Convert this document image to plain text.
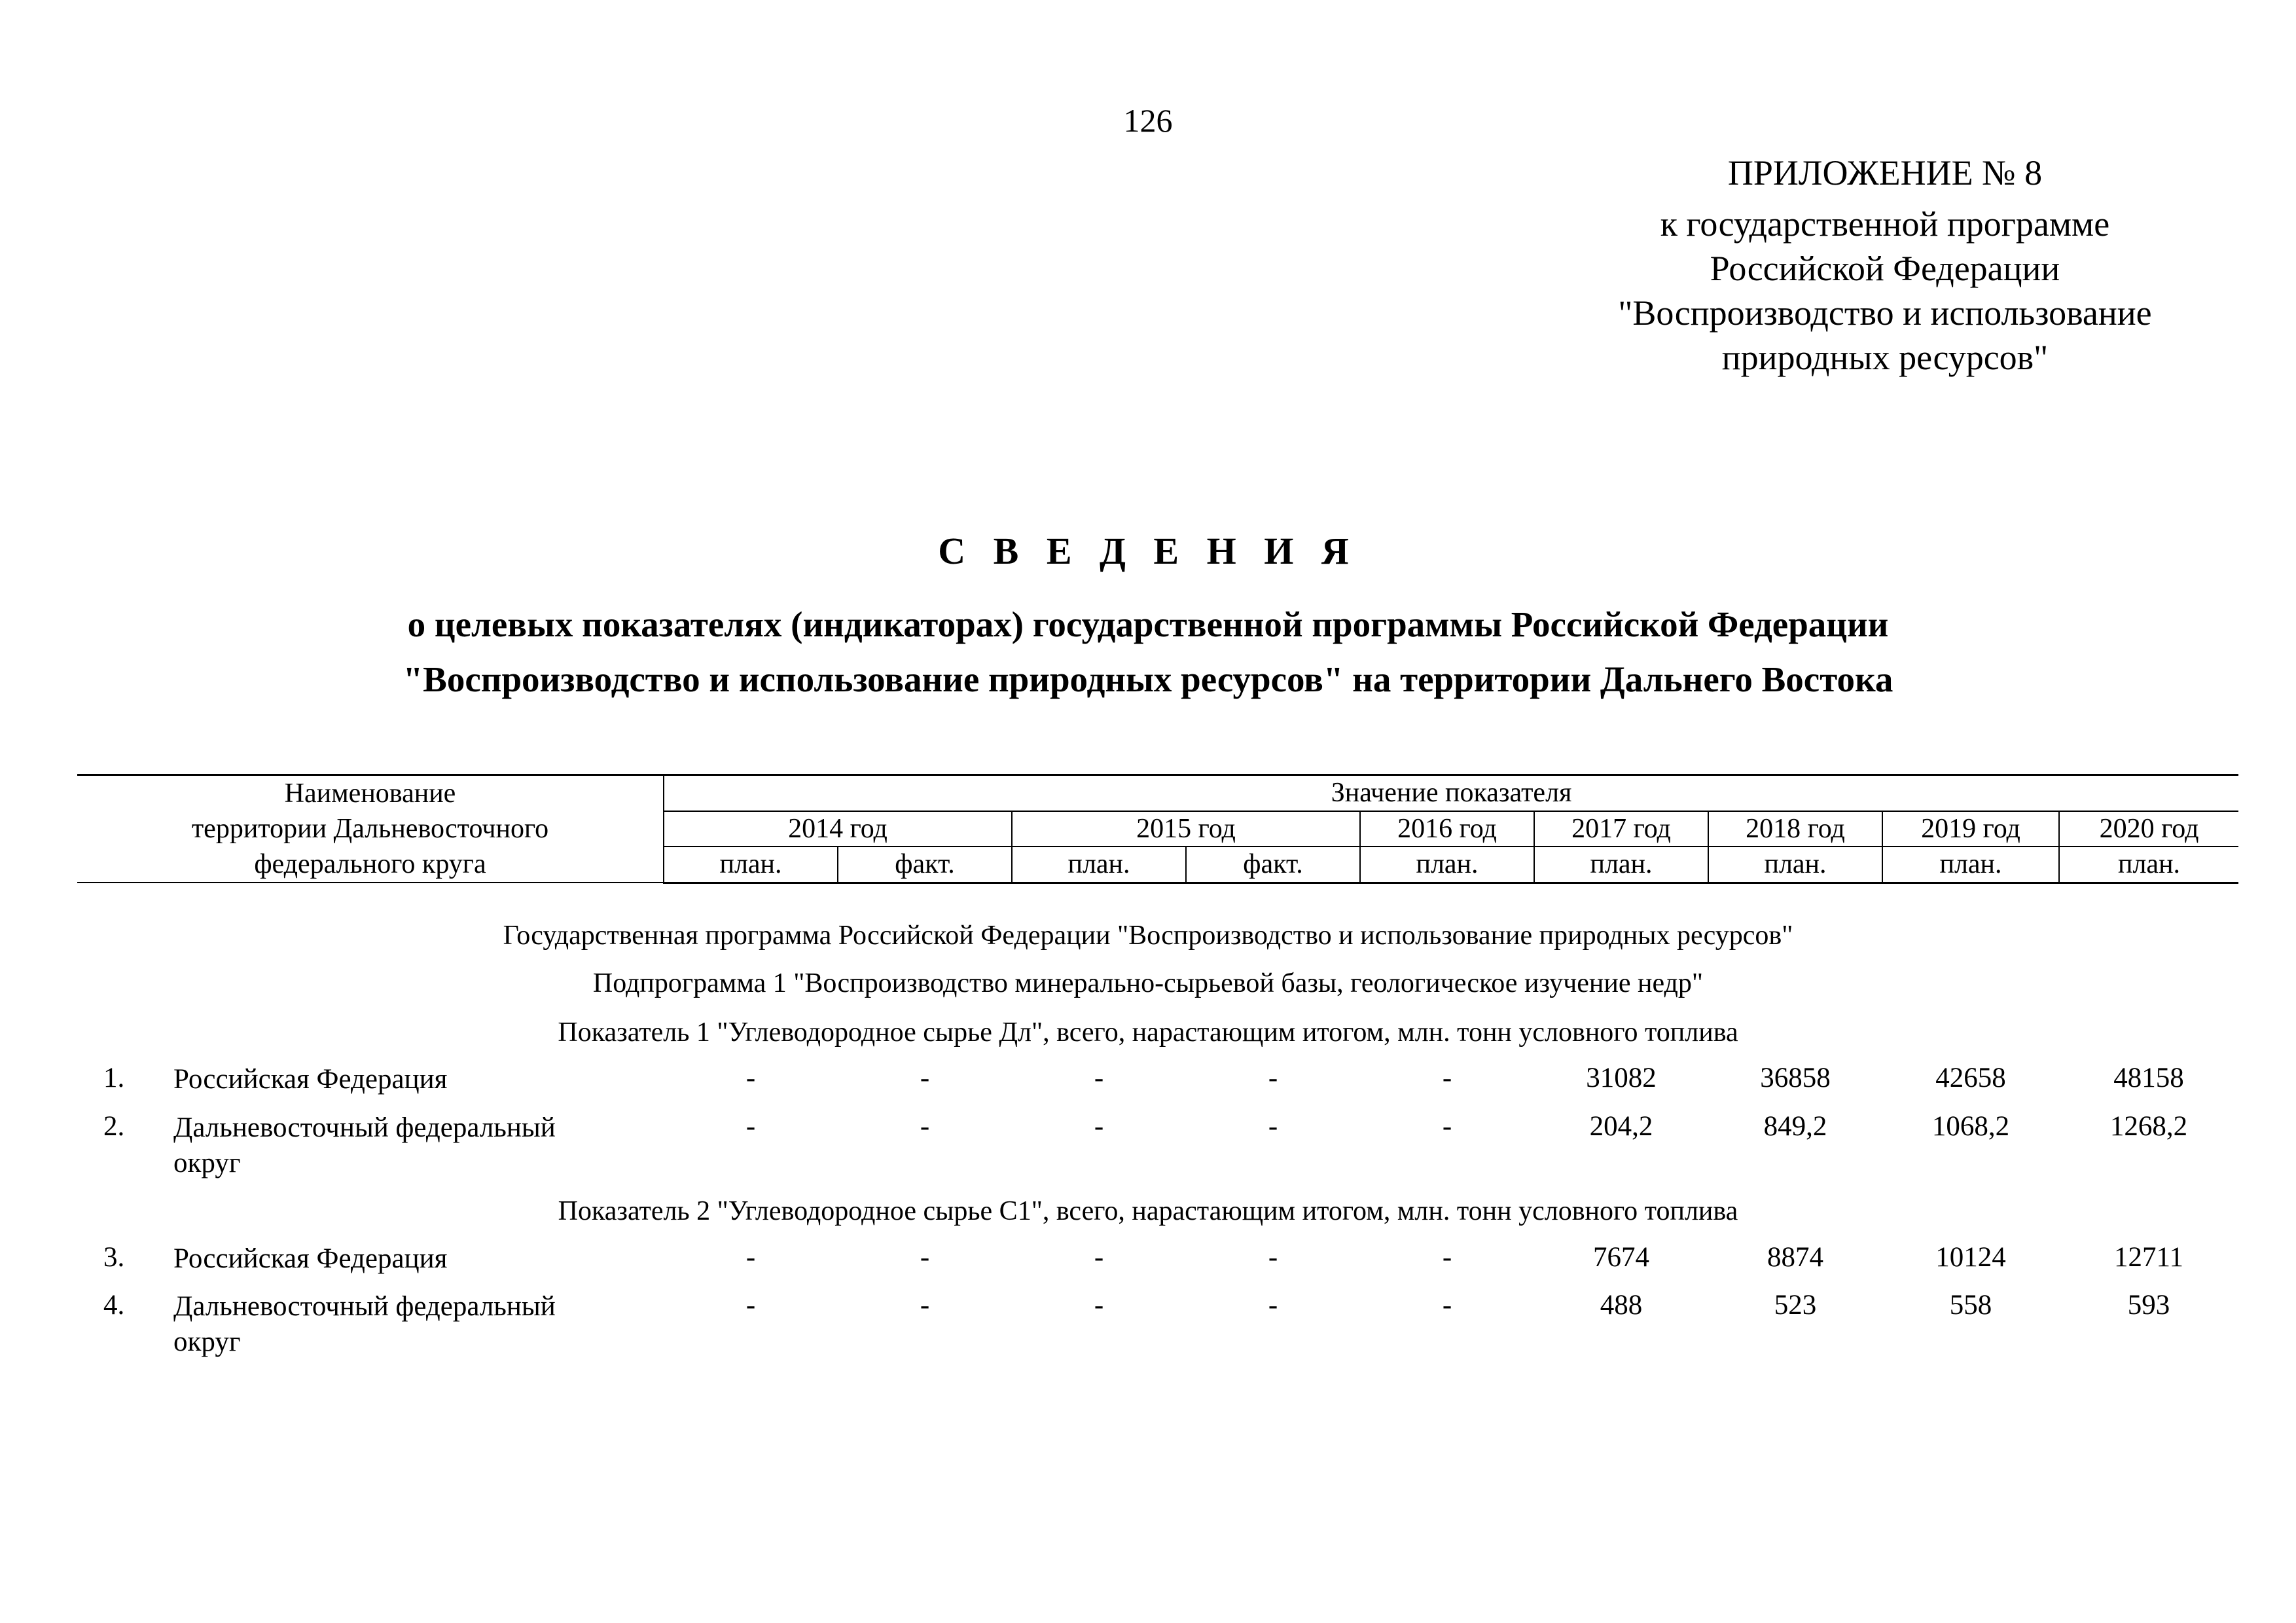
126
ПРИЛОЖЕНИЕ № 8
к государственной программе
Российской Федерации
"Воспроизводство и использование
природных ресурсов"
С В Е Д Е Н И Я
о целевых показателях (индикаторах) государственной программы Российской Федерации
"Воспроизводство и использование природных ресурсов" на территории Дальнего Востока
Наименование
территории Дальневосточного
федерального круга	Значение показателя								
	2014 год		2015 год		2016 год	2017 год	2018 год	2019 год	2020 год
	план.	факт.	план.	факт.	план.	план.	план.	план.	план.
Государственная программа Российской Федерации "Воспроизводство и использование природных ресурсов"
Подпрограмма 1 "Воспроизводство минерально-сырьевой базы, геологическое изучение недр"
Показатель 1 "Углеводородное сырье Дл", всего, нарастающим итогом, млн. тонн условного топлива
1. Российская Федерация	-	-	-	-	-	31082	36858	42658	48158
2. Дальневосточный федеральный
округ
-	-	-	-	-	204,2	849,2	1068,2	1268,2
Показатель 2 "Углеводородное сырье С1", всего, нарастающим итогом, млн. тонн условного топлива
3. Российская Федерация	-	-	-	-	-	7674	8874	10124	12711
4. Дальневосточный федеральный
округ
-	-	-	-	-	488	523	558	593
